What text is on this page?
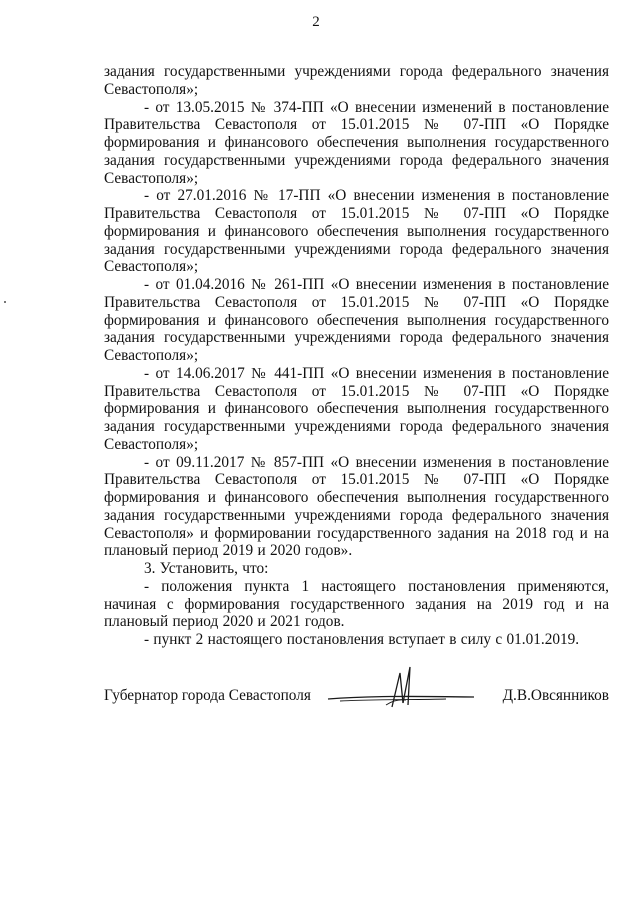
2

задания государственными учреждениями города федерального значения Севастополя»;

- от 13.05.2015 № 374-ПП «О внесении изменений в постановление Правительства Севастополя от 15.01.2015 № 07-ПП «О Порядке формирования и финансового обеспечения выполнения государственного задания государственными учреждениями города федерального значения Севастополя»;

- от 27.01.2016 № 17-ПП «О внесении изменения в постановление Правительства Севастополя от 15.01.2015 № 07-ПП «О Порядке формирования и финансового обеспечения выполнения государственного задания государственными учреждениями города федерального значения Севастополя»;

- от 01.04.2016 № 261-ПП «О внесении изменения в постановление Правительства Севастополя от 15.01.2015 № 07-ПП «О Порядке формирования и финансового обеспечения выполнения государственного задания государственными учреждениями города федерального значения Севастополя»;

- от 14.06.2017 № 441-ПП «О внесении изменения в постановление Правительства Севастополя от 15.01.2015 № 07-ПП «О Порядке формирования и финансового обеспечения выполнения государственного задания государственными учреждениями города федерального значения Севастополя»;

- от 09.11.2017 № 857-ПП «О внесении изменения в постановление Правительства Севастополя от 15.01.2015 № 07-ПП «О Порядке формирования и финансового обеспечения выполнения государственного задания государственными учреждениями города федерального значения Севастополя» и формировании государственного задания на 2018 год и на плановый период 2019 и 2020 годов».

3. Установить, что:

- положения пункта 1 настоящего постановления применяются, начиная с формирования государственного задания на 2019 год и на плановый период 2020 и 2021 годов.

- пункт 2 настоящего постановления вступает в силу с 01.01.2019.

Губернатор города Севастополя	Д.В.Овсянников
